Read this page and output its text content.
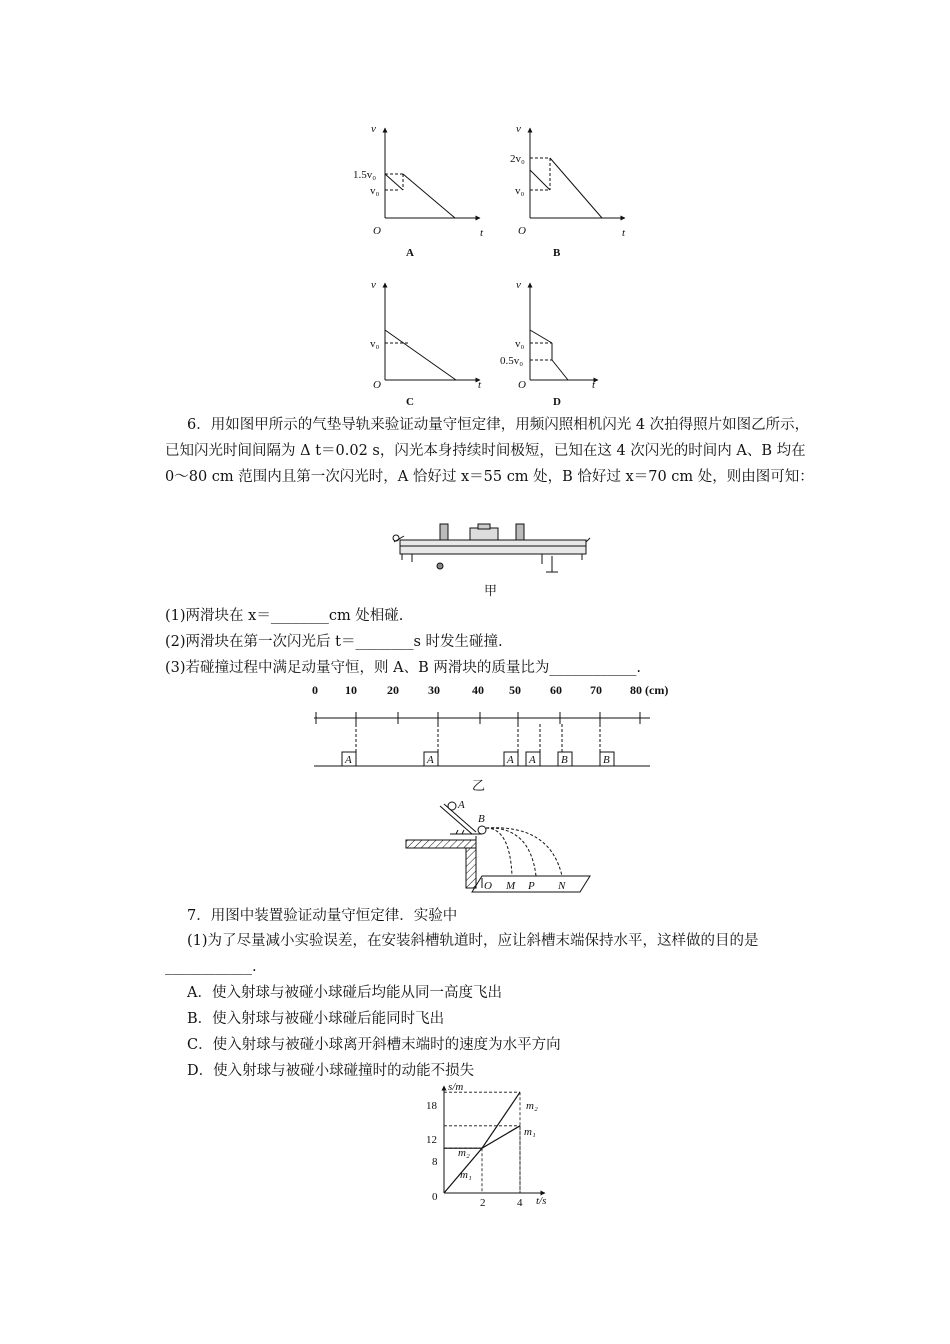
v
t
O
1.5v₀
v₀
A
v
t
O
2v₀
v₀
B
v
t
O
v₀
C
v
t
O
v₀
0.5v₀
D

6．用如图甲所示的气垫导轨来验证动量守恒定律，用频闪照相机闪光 4 次拍得照片如图乙所示，已知闪光时间间隔为 Δ t＝0.02 s，闪光本身持续时间极短，已知在这 4 次闪光的时间内 A、B 均在 0～80 cm 范围内且第一次闪光时，A 恰好过 x＝55 cm 处，B 恰好过 x＝70 cm 处，则由图可知：

甲
(1)两滑块在 x＝________cm 处相碰.
(2)两滑块在第一次闪光后 t＝________s 时发生碰撞.
(3)若碰撞过程中满足动量守恒，则 A、B 两滑块的质量比为____________.
0 10	20 30	40 50 60 70 80 (cm)
A	A	A A B	B
乙
A
B
O M P N
7．用图中装置验证动量守恒定律．实验中

(1)为了尽量减小实验误差，在安装斜槽轨道时，应让斜槽末端保持水平，这样做的目的是____________.

A．使入射球与被碰小球碰后均能从同一高度飞出
B．使入射球与被碰小球碰后能同时飞出
C．使入射球与被碰小球离开斜槽末端时的速度为水平方向
D．使入射球与被碰小球碰撞时的动能不损失
s/m
t/s
0	2	4
8
12
18
m₂
m₁
m₂
m₁
